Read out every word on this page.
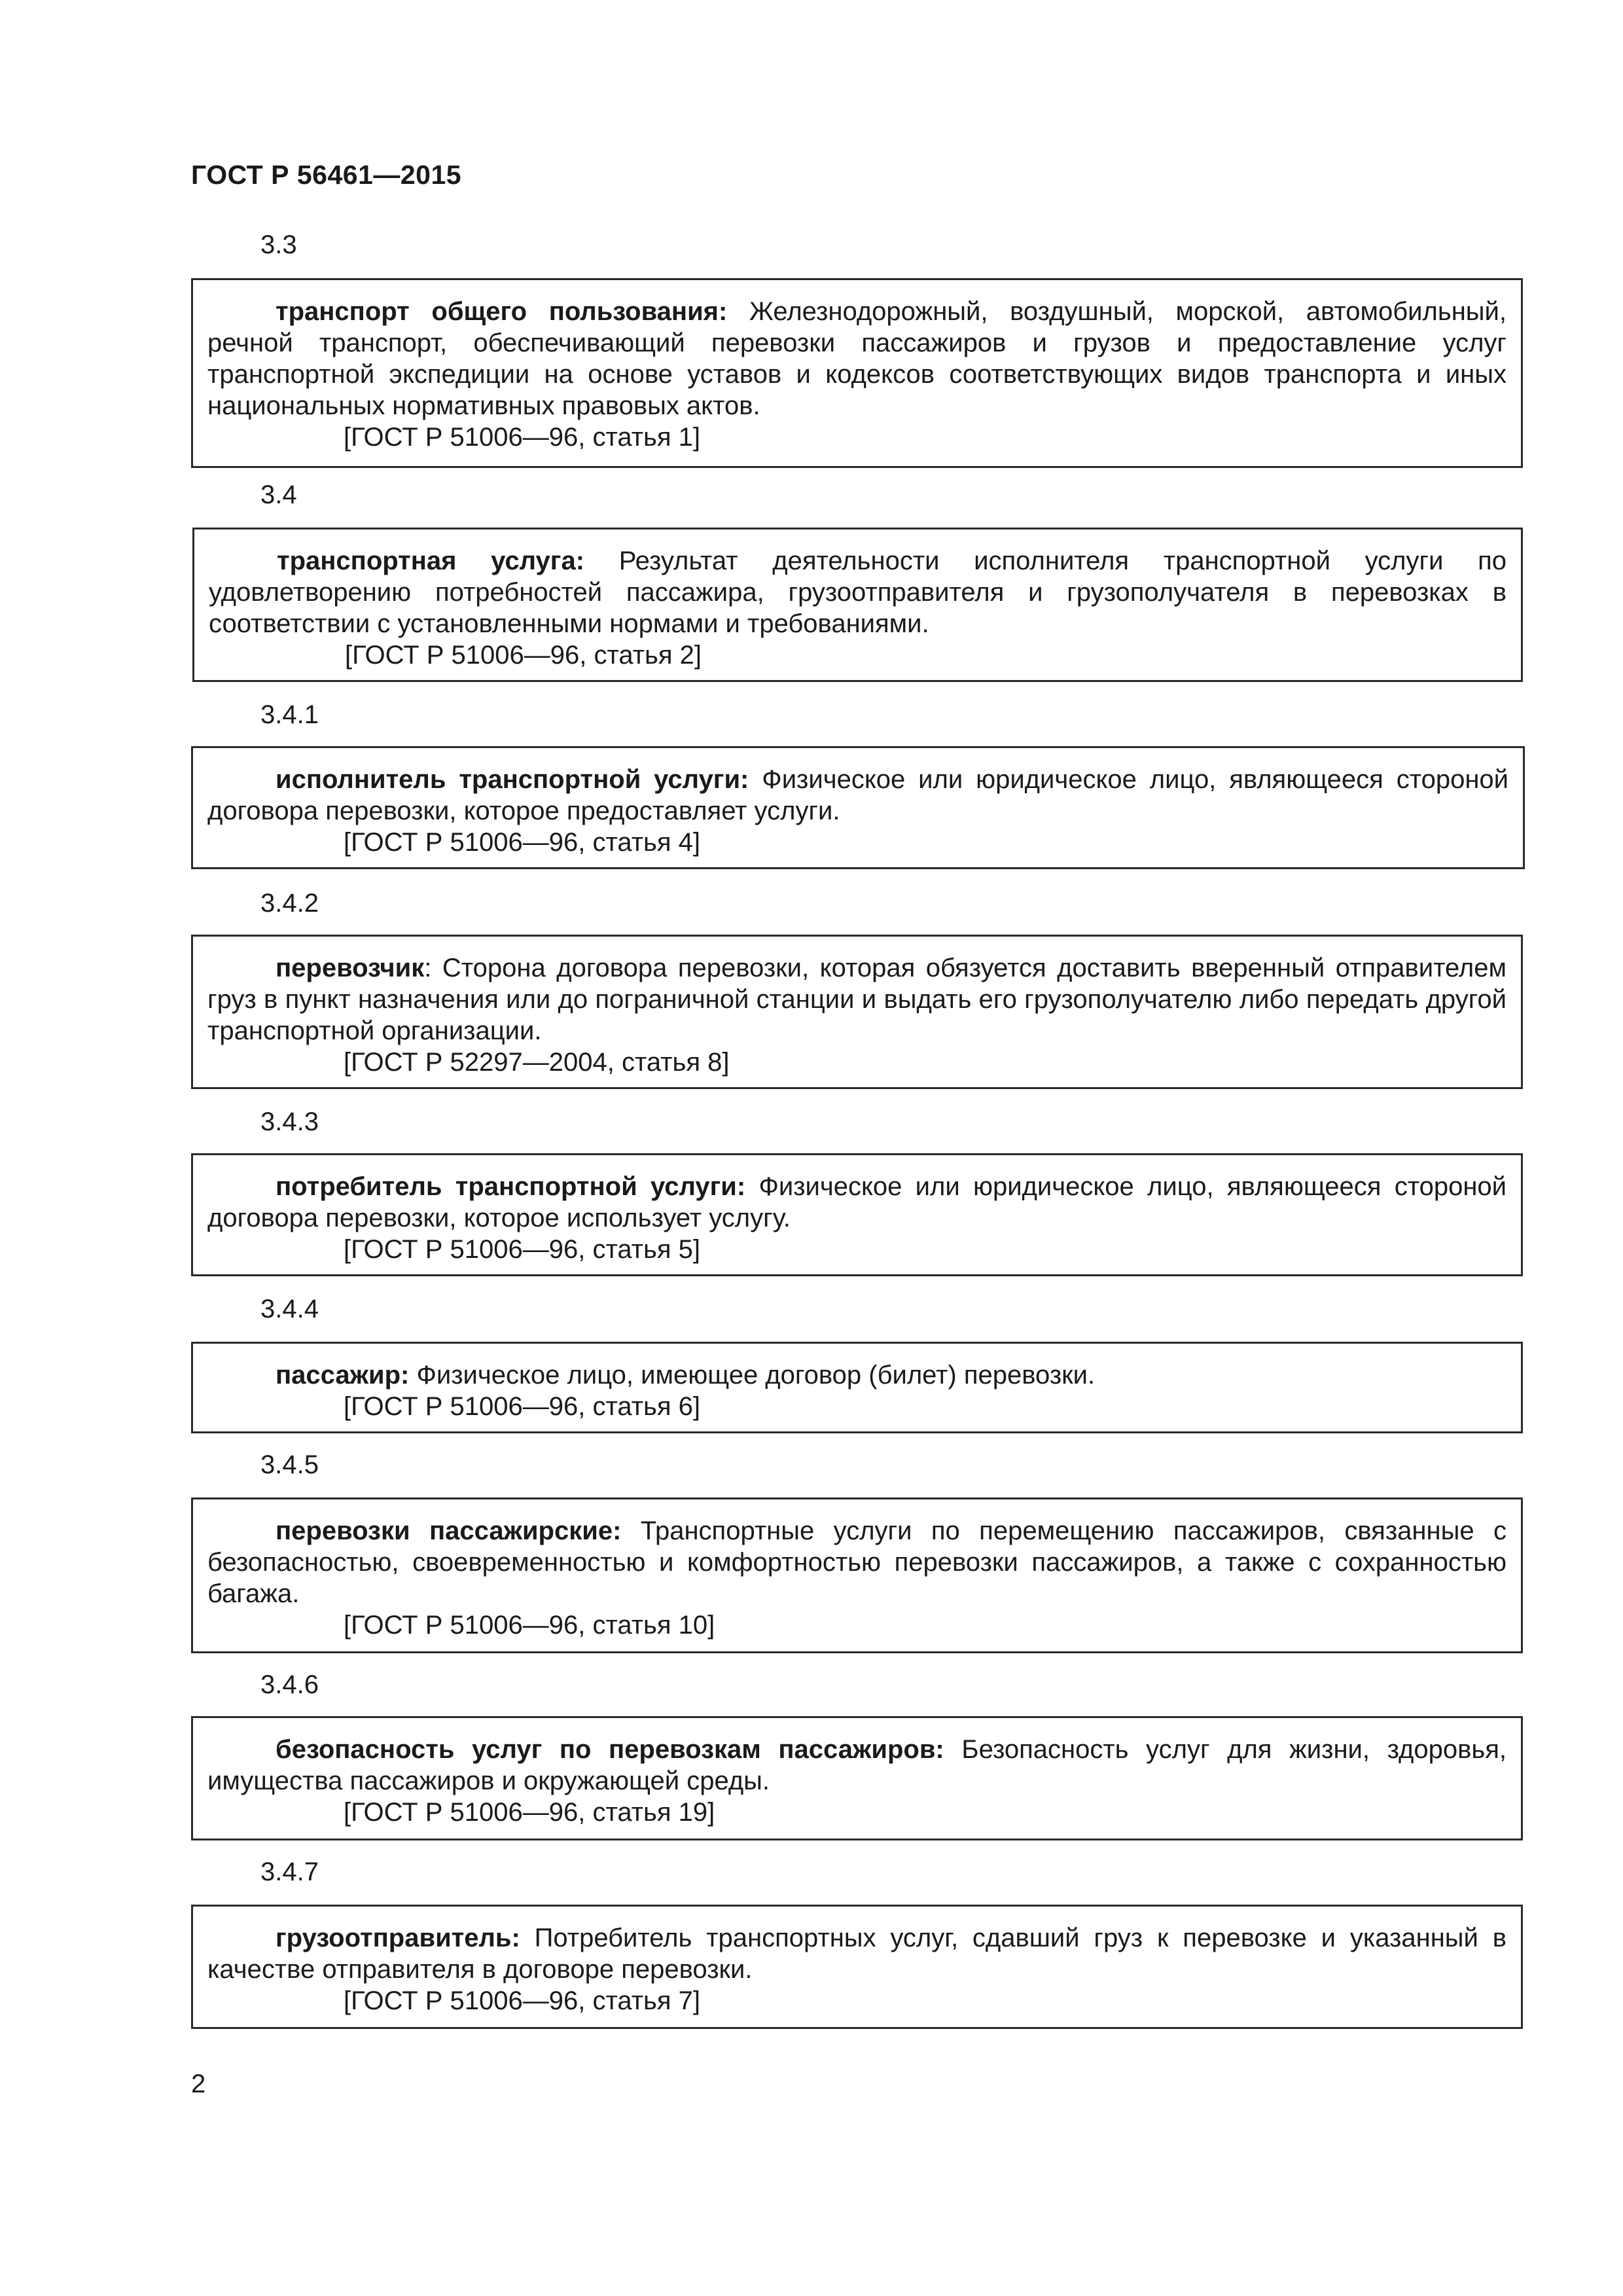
ГОСТ Р 56461—2015
3.3

транспорт общего пользования: Железнодорожный, воздушный, морской, автомобильный, речной транспорт, обеспечивающий перевозки пассажиров и грузов и предоставление услуг транспортной экспедиции на основе уставов и кодексов соответствующих видов транспорта и иных национальных нормативных правовых актов.

[ГОСТ Р 51006—96, статья 1]

3.4

транспортная услуга: Результат деятельности исполнителя транспортной услуги по удовлетворению потребностей пассажира, грузоотправителя и грузополучателя в перевозках в соответствии с установленными нормами и требованиями.

[ГОСТ Р 51006—96, статья 2]

3.4.1

исполнитель транспортной услуги: Физическое или юридическое лицо, являющееся стороной договора перевозки, которое предоставляет услуги.

[ГОСТ Р 51006—96, статья 4]

3.4.2

перевозчик: Сторона договора перевозки, которая обязуется доставить вверенный отправителем груз в пункт назначения или до пограничной станции и выдать его грузополучателю либо передать другой транспортной организации.

[ГОСТ Р 52297—2004, статья 8]

3.4.3

потребитель транспортной услуги: Физическое или юридическое лицо, являющееся стороной договора перевозки, которое использует услугу.

[ГОСТ Р 51006—96, статья 5]

3.4.4

пассажир: Физическое лицо, имеющее договор (билет) перевозки.

[ГОСТ Р 51006—96, статья 6]

3.4.5

перевозки пассажирские: Транспортные услуги по перемещению пассажиров, связанные с безопасностью, своевременностью и комфортностью перевозки пассажиров, а также с сохранностью багажа.

[ГОСТ Р 51006—96, статья 10]

3.4.6

безопасность услуг по перевозкам пассажиров: Безопасность услуг для жизни, здоровья, имущества пассажиров и окружающей среды.

[ГОСТ Р 51006—96, статья 19]

3.4.7

грузоотправитель: Потребитель транспортных услуг, сдавший груз к перевозке и указанный в качестве отправителя в договоре перевозки.

[ГОСТ Р 51006—96, статья 7]

2
